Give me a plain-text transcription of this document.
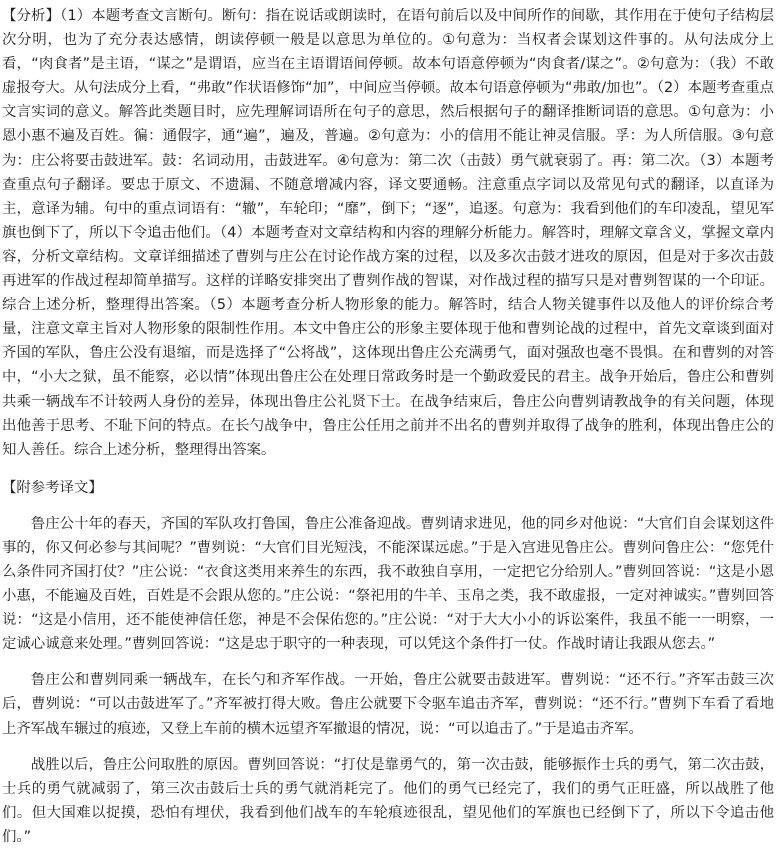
【分析】（1）本题考查文言断句。断句：指在说话或朗读时，在语句前后以及中间所作的间歇，其作用在于使句子结构层次分明，也为了充分表达感情，朗读停顿一般是以意思为单位的。①句意为：当权者会谋划这件事的。从句法成分上看，“肉食者”是主语，“谋之”是谓语，应当在主语谓语间停顿。故本句语意停顿为“肉食者/谋之”。②句意为：（我）不敢虚报夸大。从句法成分上看，“弗敢”作状语修饰“加”，中间应当停顿。故本句语意停顿为“弗敢/加也”。（2）本题考查重点文言实词的意义。解答此类题目时，应先理解词语所在句子的意思，然后根据句子的翻译推断词语的意思。①句意为：小恩小惠不遍及百姓。徧：通假字，通“遍”，遍及，普遍。②句意为：小的信用不能让神灵信服。孚：为人所信服。③句意为：庄公将要击鼓进军。鼓：名词动用，击鼓进军。④句意为：第二次（击鼓）勇气就衰弱了。再：第二次。（3）本题考查重点句子翻译。要忠于原文、不遗漏、不随意增减内容，译文要通畅。注意重点字词以及常见句式的翻译，以直译为主，意译为辅。句中的重点词语有：“辙”，车轮印；“靡”，倒下；“逐”，追逐。句意为：我看到他们的车印凌乱，望见军旗也倒下了，所以下令追击他们。（4）本题考查对文章结构和内容的理解分析能力。解答时，理解文章含义，掌握文章内容，分析文章结构。文章详细描述了曹刿与庄公在讨论作战方案的过程，以及多次击鼓才进攻的原因，但是对于多次击鼓再进军的作战过程却简单描写。这样的详略安排突出了曹刿作战的智谋，对作战过程的描写只是对曹刿智谋的一个印证。综合上述分析，整理得出答案。（5）本题考查分析人物形象的能力。解答时，结合人物关键事件以及他人的评价综合考量，注意文章主旨对人物形象的限制性作用。本文中鲁庄公的形象主要体现于他和曹刿论战的过程中，首先文章谈到面对齐国的军队，鲁庄公没有退缩，而是选择了“公将战”，这体现出鲁庄公充满勇气，面对强敌也毫不畏惧。在和曹刿的对答中，“小大之狱，虽不能察，必以情”体现出鲁庄公在处理日常政务时是一个勤政爱民的君主。战争开始后，鲁庄公和曹刿共乘一辆战车不计较两人身份的差异，体现出鲁庄公礼贤下士。在战争结束后，鲁庄公向曹刿请教战争的有关问题，体现出他善于思考、不耻下问的特点。在长勺战争中，鲁庄公任用之前并不出名的曹刿并取得了战争的胜利，体现出鲁庄公的知人善任。综合上述分析，整理得出答案。

【附参考译文】

鲁庄公十年的春天，齐国的军队攻打鲁国，鲁庄公准备迎战。曹刿请求进见，他的同乡对他说：“大官们自会谋划这件事的，你又何必参与其间呢？”曹刿说：“大官们目光短浅，不能深谋远虑。”于是入宫进见鲁庄公。曹刿问鲁庄公：“您凭什么条件同齐国打仗？”庄公说：“衣食这类用来养生的东西，我不敢独自享用，一定把它分给别人。”曹刿回答说：“这是小恩小惠，不能遍及百姓，百姓是不会跟从您的。”庄公说：“祭祀用的牛羊、玉帛之类，我不敢虚报，一定对神诚实。”曹刿回答说：“这是小信用，还不能使神信任您，神是不会保佑您的。”庄公说：“对于大大小小的诉讼案件，我虽不能一一明察，一定诚心诚意来处理。”曹刿回答说：“这是忠于职守的一种表现，可以凭这个条件打一仗。作战时请让我跟从您去。”

鲁庄公和曹刿同乘一辆战车，在长勺和齐军作战。一开始，鲁庄公就要击鼓进军。曹刿说：“还不行。”齐军击鼓三次后，曹刿说：“可以击鼓进军了。”齐军被打得大败。鲁庄公就要下令驱车追击齐军，曹刿说：“还不行。”曹刿下车看了看地上齐军战车辗过的痕迹，又登上车前的横木远望齐军撤退的情况，说：“可以追击了。”于是追击齐军。

战胜以后，鲁庄公问取胜的原因。曹刿回答说：“打仗是靠勇气的，第一次击鼓，能够振作士兵的勇气，第二次击鼓，士兵的勇气就减弱了，第三次击鼓后士兵的勇气就消耗完了。他们的勇气已经完了，我们的勇气正旺盛，所以战胜了他们。但大国难以捉摸，恐怕有埋伏，我看到他们战车的车轮痕迹很乱，望见他们的军旗也已经倒下了，所以下令追击他们。”
